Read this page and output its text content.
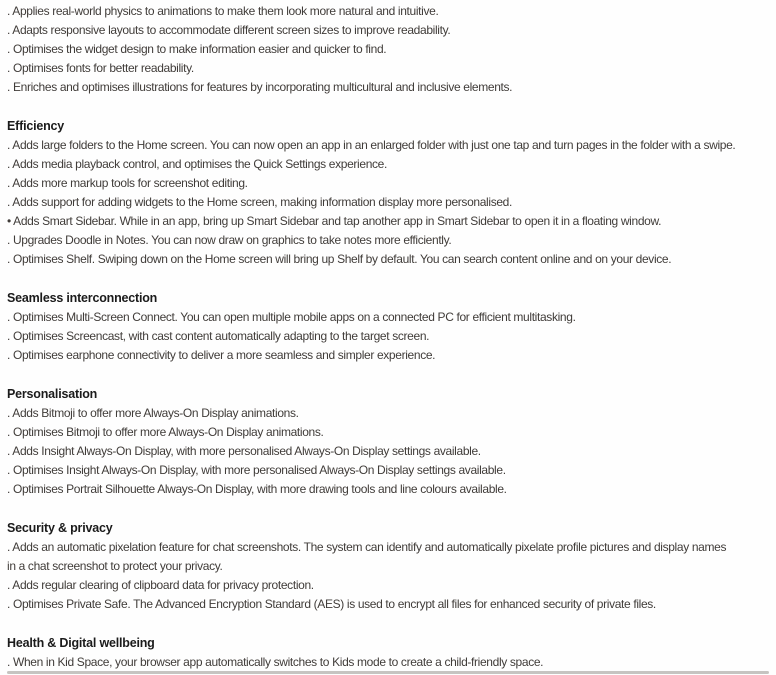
. Applies real-world physics to animations to make them look more natural and intuitive.
. Adapts responsive layouts to accommodate different screen sizes to improve readability.
. Optimises the widget design to make information easier and quicker to find.
. Optimises fonts for better readability.
. Enriches and optimises illustrations for features by incorporating multicultural and inclusive elements.
Efficiency
. Adds large folders to the Home screen. You can now open an app in an enlarged folder with just one tap and turn pages in the folder with a swipe.
. Adds media playback control, and optimises the Quick Settings experience.
. Adds more markup tools for screenshot editing.
. Adds support for adding widgets to the Home screen, making information display more personalised.
• Adds Smart Sidebar. While in an app, bring up Smart Sidebar and tap another app in Smart Sidebar to open it in a floating window.
. Upgrades Doodle in Notes. You can now draw on graphics to take notes more efficiently.
. Optimises Shelf. Swiping down on the Home screen will bring up Shelf by default. You can search content online and on your device.
Seamless interconnection
. Optimises Multi-Screen Connect. You can open multiple mobile apps on a connected PC for efficient multitasking.
. Optimises Screencast, with cast content automatically adapting to the target screen.
. Optimises earphone connectivity to deliver a more seamless and simpler experience.
Personalisation
. Adds Bitmoji to offer more Always-On Display animations.
. Optimises Bitmoji to offer more Always-On Display animations.
. Adds Insight Always-On Display, with more personalised Always-On Display settings available.
. Optimises Insight Always-On Display, with more personalised Always-On Display settings available.
. Optimises Portrait Silhouette Always-On Display, with more drawing tools and line colours available.
Security & privacy
. Adds an automatic pixelation feature for chat screenshots. The system can identify and automatically pixelate profile pictures and display names
in a chat screenshot to protect your privacy.
. Adds regular clearing of clipboard data for privacy protection.
. Optimises Private Safe. The Advanced Encryption Standard (AES) is used to encrypt all files for enhanced security of private files.
Health & Digital wellbeing
. When in Kid Space, your browser app automatically switches to Kids mode to create a child-friendly space.
